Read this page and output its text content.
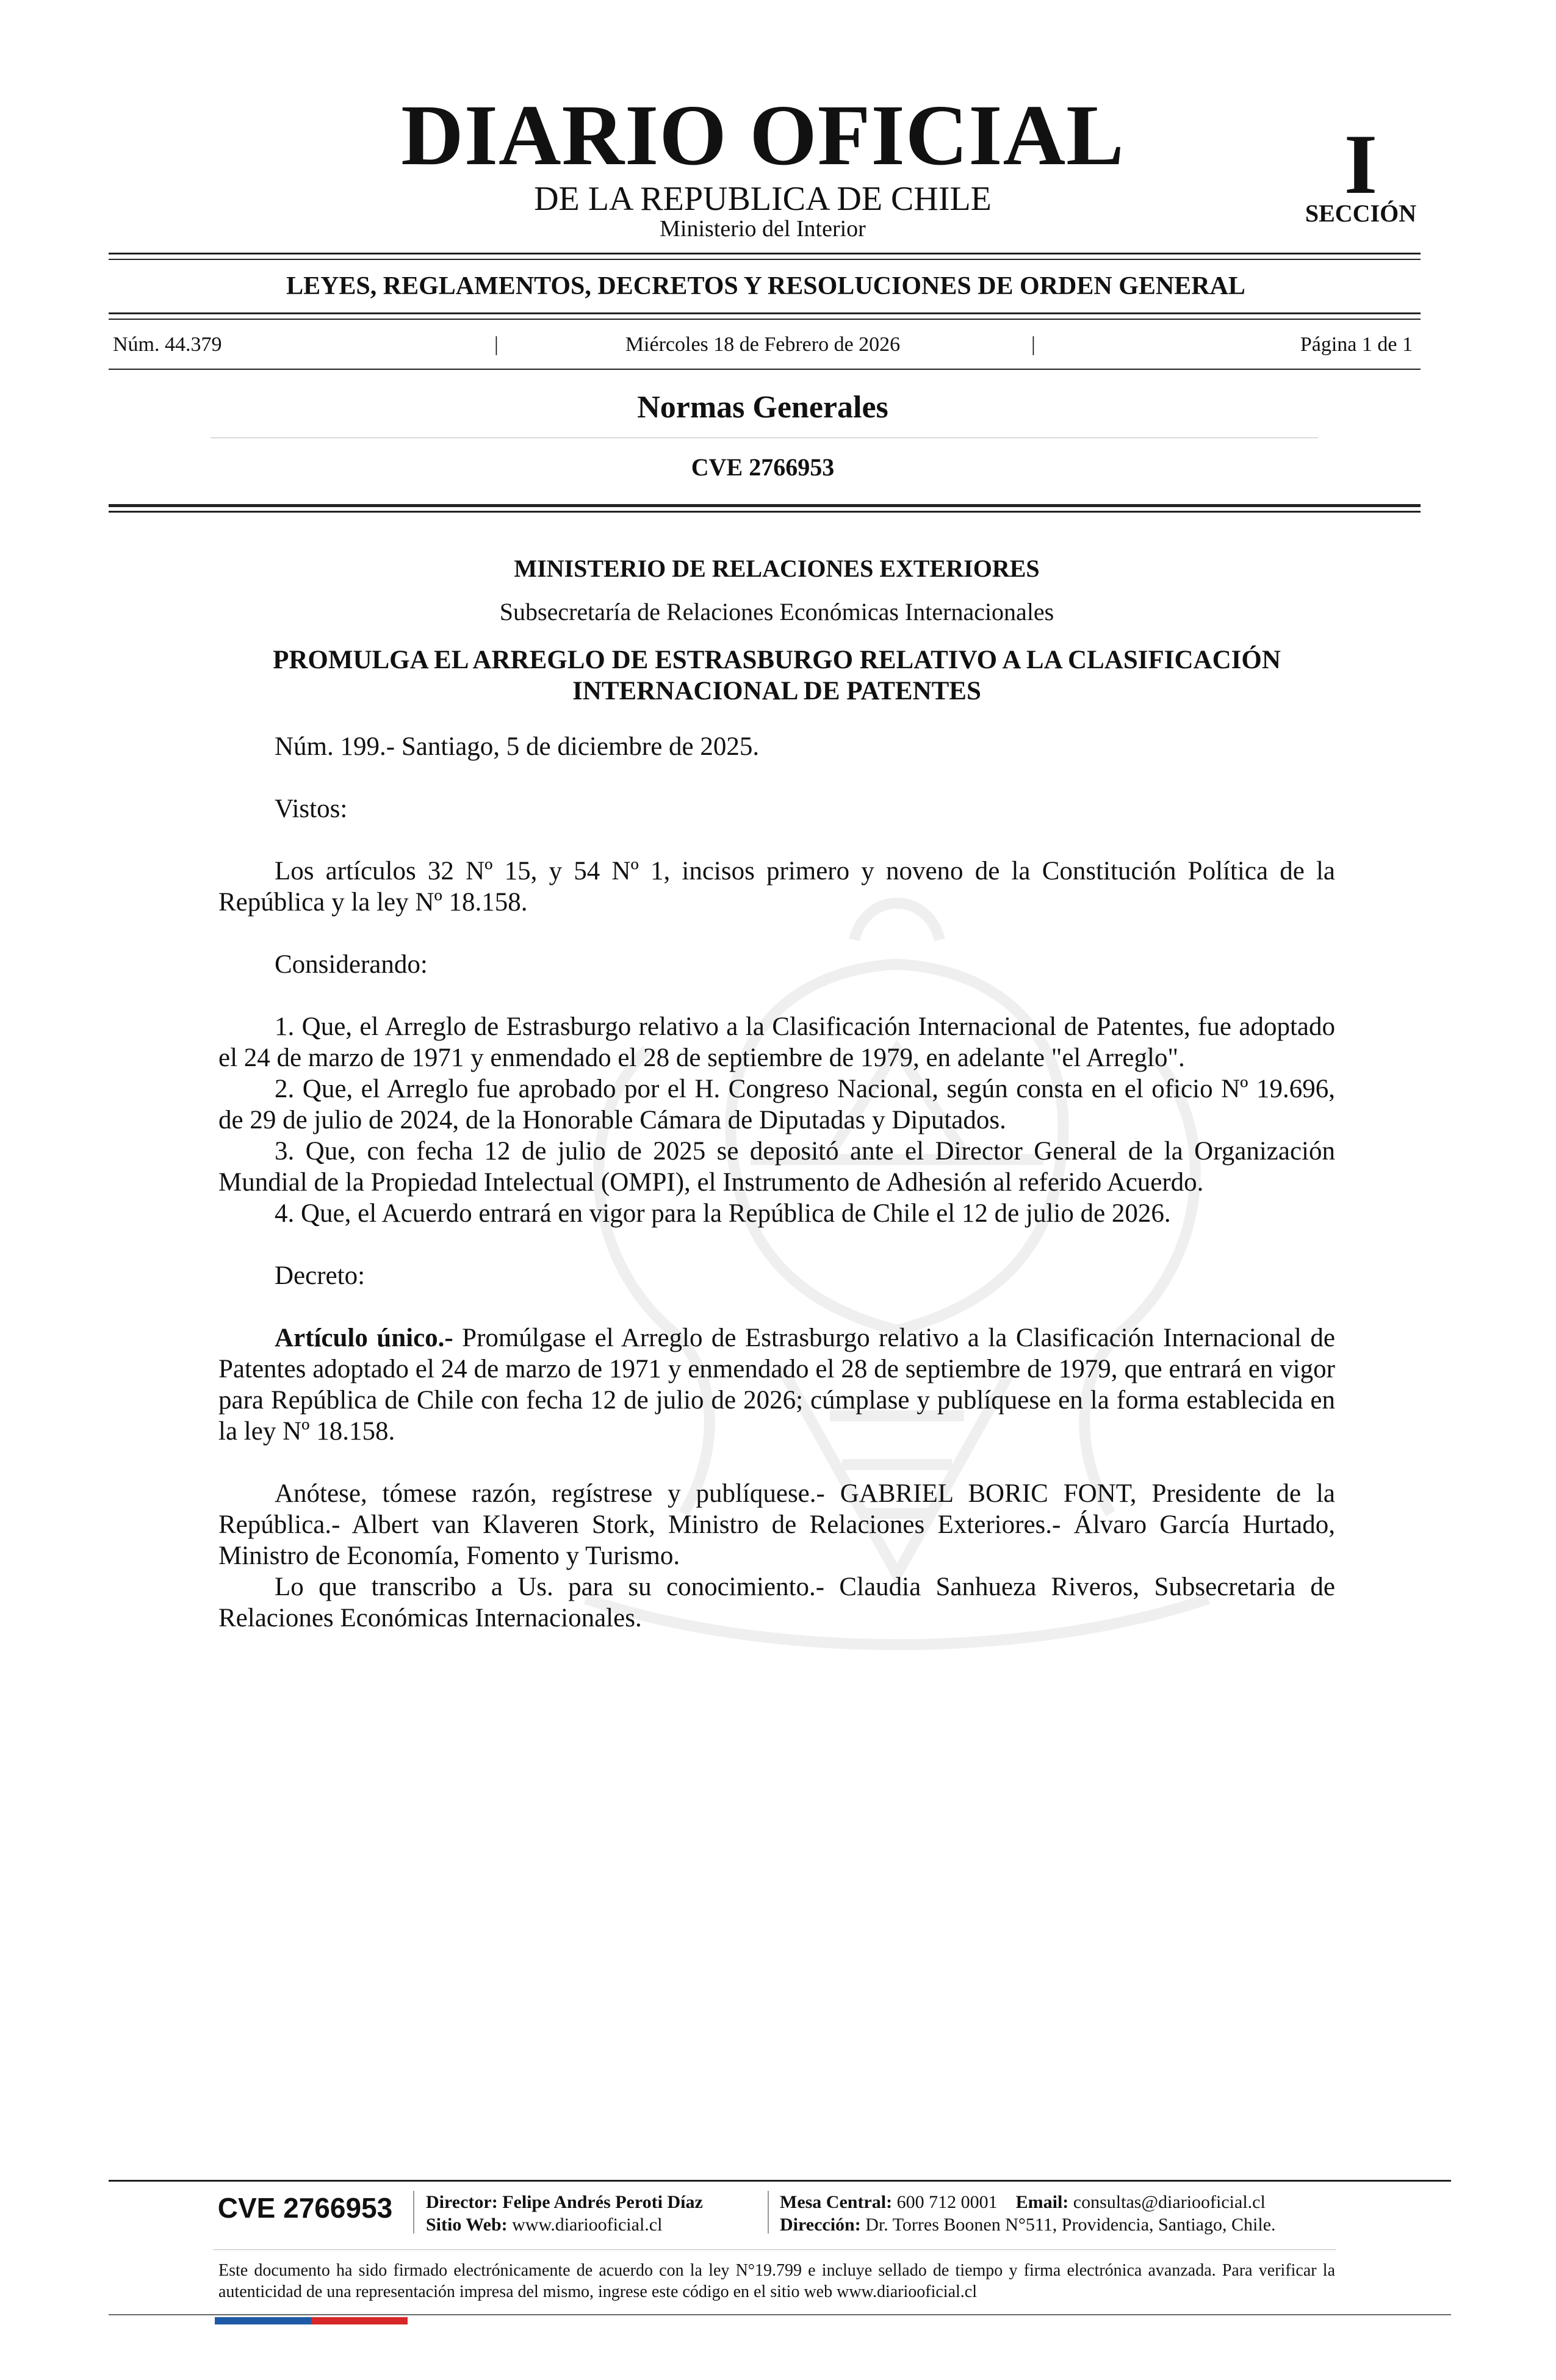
DIARIO OFICIAL
DE LA REPUBLICA DE CHILE
Ministerio del Interior
I
SECCIÓN
LEYES, REGLAMENTOS, DECRETOS Y RESOLUCIONES DE ORDEN GENERAL
Núm. 44.379	|	Miércoles 18 de Febrero de 2026	|	Página 1 de 1
Normas Generales
CVE 2766953

MINISTERIO DE RELACIONES EXTERIORES

Subsecretaría de Relaciones Económicas Internacionales

PROMULGA EL ARREGLO DE ESTRASBURGO RELATIVO A LA CLASIFICACIÓN
INTERNACIONAL DE PATENTES

Núm. 199.- Santiago, 5 de diciembre de 2025.

Vistos:

Los artículos 32 Nº 15, y 54 Nº 1, incisos primero y noveno de la Constitución Política de la República y la ley Nº 18.158.

Considerando:

1. Que, el Arreglo de Estrasburgo relativo a la Clasificación Internacional de Patentes, fue adoptado el 24 de marzo de 1971 y enmendado el 28 de septiembre de 1979, en adelante "el Arreglo".

2. Que, el Arreglo fue aprobado por el H. Congreso Nacional, según consta en el oficio Nº 19.696, de 29 de julio de 2024, de la Honorable Cámara de Diputadas y Diputados.

3. Que, con fecha 12 de julio de 2025 se depositó ante el Director General de la Organización Mundial de la Propiedad Intelectual (OMPI), el Instrumento de Adhesión al referido Acuerdo.

4. Que, el Acuerdo entrará en vigor para la República de Chile el 12 de julio de 2026.

Decreto:

Artículo único.- Promúlgase el Arreglo de Estrasburgo relativo a la Clasificación Internacional de Patentes adoptado el 24 de marzo de 1971 y enmendado el 28 de septiembre de 1979, que entrará en vigor para República de Chile con fecha 12 de julio de 2026; cúmplase y publíquese en la forma establecida en la ley Nº 18.158.

Anótese, tómese razón, regístrese y publíquese.- GABRIEL BORIC FONT, Presidente de la República.- Albert van Klaveren Stork, Ministro de Relaciones Exteriores.- Álvaro García Hurtado, Ministro de Economía, Fomento y Turismo.

Lo que transcribo a Us. para su conocimiento.- Claudia Sanhueza Riveros, Subsecretaria de Relaciones Económicas Internacionales.

CVE 2766953	Director: Felipe Andrés Peroti Díaz
Sitio Web: www.diariooficial.cl
Mesa Central: 600 712 0001 Email: consultas@diariooficial.cl
Dirección: Dr. Torres Boonen N°511, Providencia, Santiago, Chile.
Este documento ha sido firmado electrónicamente de acuerdo con la ley N°19.799 e incluye sellado de tiempo y firma electrónica avanzada. Para verificar la autenticidad de una representación impresa del mismo, ingrese este código en el sitio web www.diariooficial.cl
